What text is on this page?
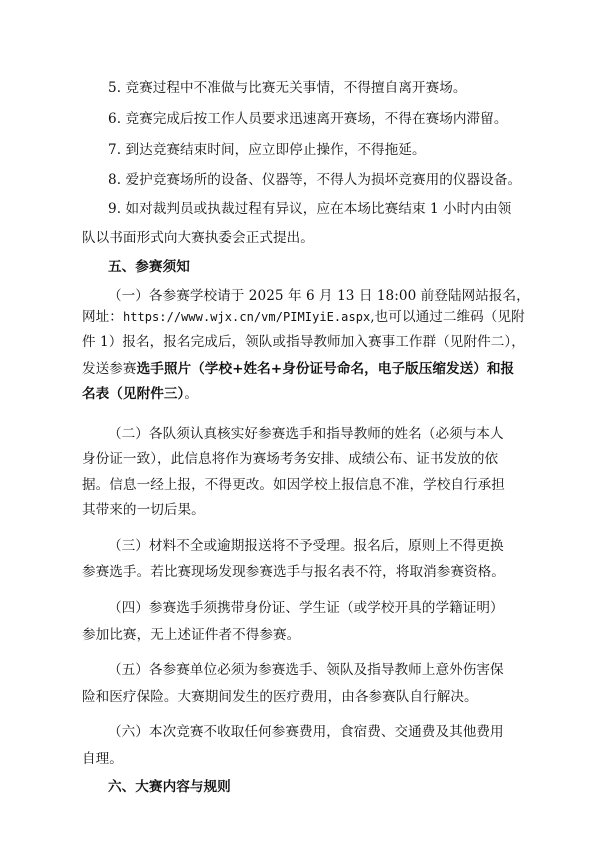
5. 竞赛过程中不准做与比赛无关事情，不得擅自离开赛场。
6. 竞赛完成后按工作人员要求迅速离开赛场，不得在赛场内滞留。
7. 到达竞赛结束时间，应立即停止操作，不得拖延。
8. 爱护竞赛场所的设备、仪器等，不得人为损坏竞赛用的仪器设备。
9. 如对裁判员或执裁过程有异议，应在本场比赛结束 1 小时内由领
队以书面形式向大赛执委会正式提出。
五、参赛须知
（一）各参赛学校请于 2025 年 6 月 13 日 18:00 前登陆网站报名，
网址：https://www.wjx.cn/vm/PIMIyiE.aspx,也可以通过二维码（见附
件 1）报名，报名完成后，领队或指导教师加入赛事工作群（见附件二），
发送参赛选手照片（学校+姓名+身份证号命名，电子版压缩发送）和报
名表（见附件三）。
（二）各队须认真核实好参赛选手和指导教师的姓名（必须与本人
身份证一致），此信息将作为赛场考务安排、成绩公布、证书发放的依
据。信息一经上报，不得更改。如因学校上报信息不准，学校自行承担
其带来的一切后果。
（三）材料不全或逾期报送将不予受理。报名后，原则上不得更换
参赛选手。若比赛现场发现参赛选手与报名表不符，将取消参赛资格。
（四）参赛选手须携带身份证、学生证（或学校开具的学籍证明）
参加比赛，无上述证件者不得参赛。
（五）各参赛单位必须为参赛选手、领队及指导教师上意外伤害保
险和医疗保险。大赛期间发生的医疗费用，由各参赛队自行解决。
（六）本次竞赛不收取任何参赛费用，食宿费、交通费及其他费用
自理。
六、大赛内容与规则
